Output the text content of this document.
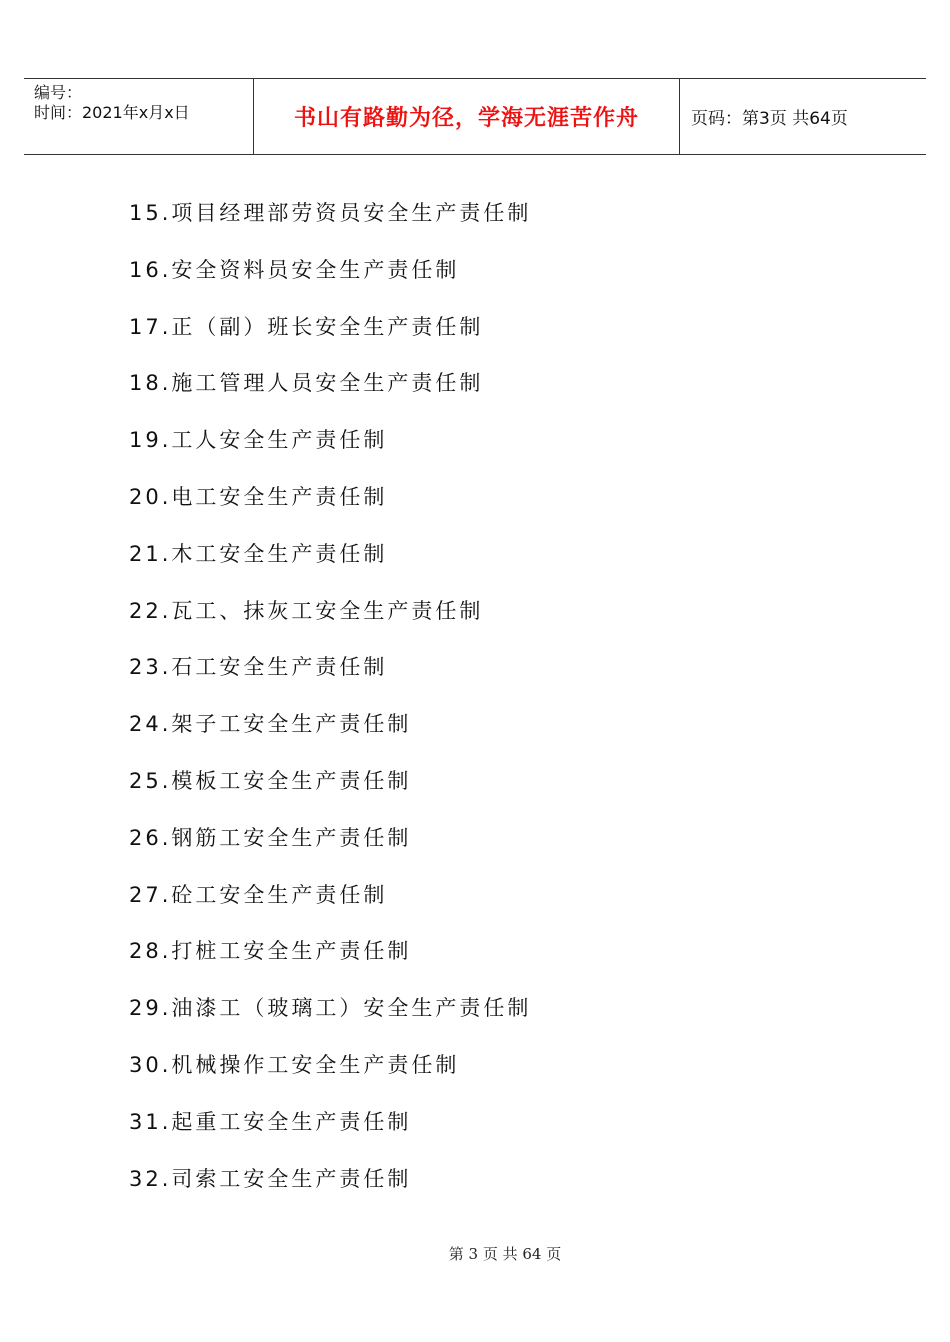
编号：
时间：2021年x月x日	书山有路勤为径，学海无涯苦作舟	页码：第3页 共64页
15.项目经理部劳资员安全生产责任制
16.安全资料员安全生产责任制
17.正（副）班长安全生产责任制
18.施工管理人员安全生产责任制
19.工人安全生产责任制
20.电工安全生产责任制
21.木工安全生产责任制
22.瓦工、抹灰工安全生产责任制
23.石工安全生产责任制
24.架子工安全生产责任制
25.模板工安全生产责任制
26.钢筋工安全生产责任制
27.砼工安全生产责任制
28.打桩工安全生产责任制
29.油漆工（玻璃工）安全生产责任制
30.机械操作工安全生产责任制
31.起重工安全生产责任制
32.司索工安全生产责任制
第 3 页 共 64 页
